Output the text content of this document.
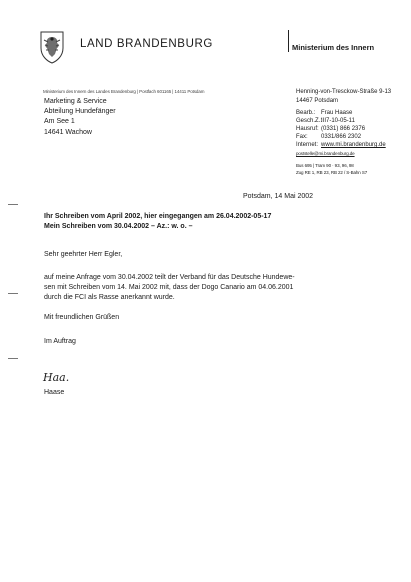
LAND BRANDENBURG	Ministerium des Innern
Ministerium des Innern des Landes Brandenburg | Postfach 601165 | 14411 Potsdam	Henning-von-Tresckow-Straße 9-13
14467 Potsdam
Marketing & Service
Abteilung Hundefänger
Am See 1
14641 Wachow
Bearb.: Frau Haase
Gesch.Z.:
III7-10-05-11
Hausruf: (0331) 866 2376
Fax: 0331/866 2302
Internet: www.mi.brandenburg.de
poststelle@mi.brandenburg.de
Bus 695 | Tram 90 · 93, 96, 98
Zug RE 1, RB 23, RB 22 / S-Bahn S7
Potsdam, 14 Mai 2002
Ihr Schreiben vom April 2002, hier eingegangen am 26.04.2002-05-17
Mein Schreiben vom 30.04.2002 – Az.: w. o. –
Sehr geehrter Herr Egler,
auf meine Anfrage vom 30.04.2002 teilt der Verband für das Deutsche Hundewe-
sen mit Schreiben vom 14. Mai 2002 mit, dass der Dogo Canario am 04.06.2001
durch die FCI als Rasse anerkannt wurde.
Mit freundlichen Grüßen
Im Auftrag
Haa.
Haase
